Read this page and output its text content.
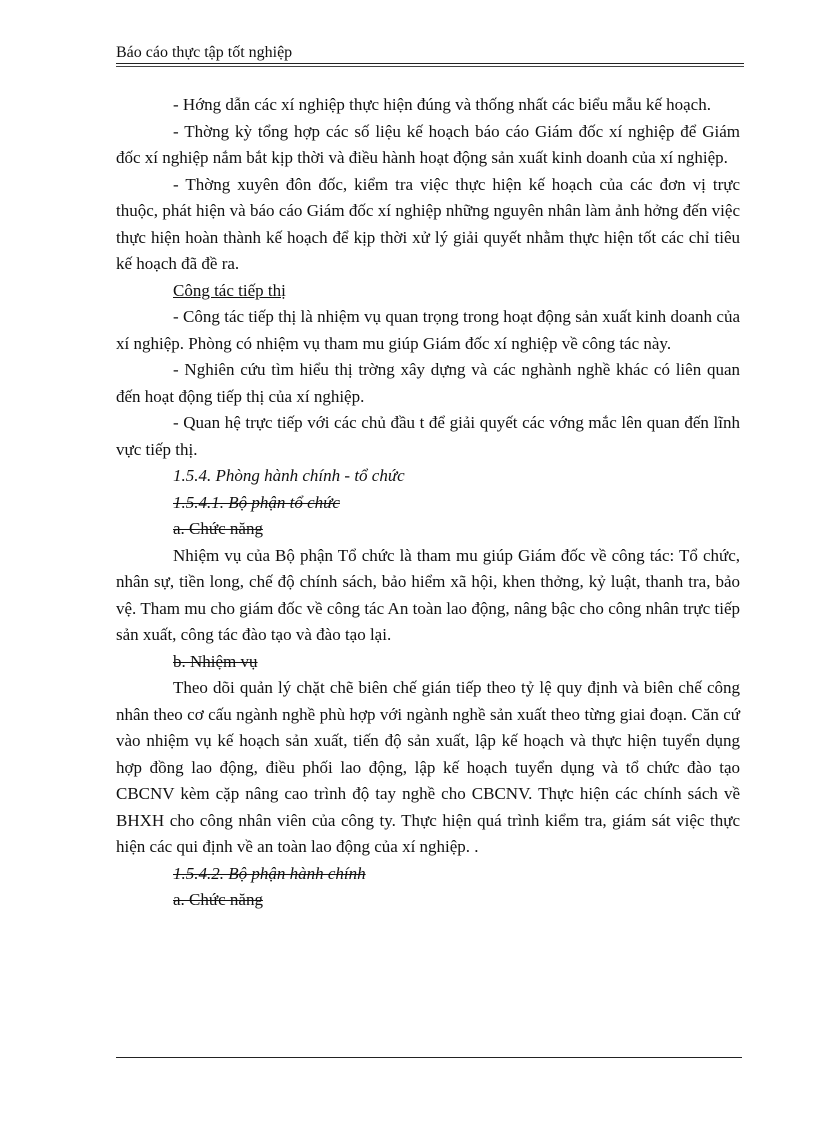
Báo cáo thực tập tốt nghiệp

- Hớng dẫn các xí nghiệp thực hiện đúng và thống nhất các biểu mẫu kế hoạch.

- Thờng kỳ tổng hợp các số liệu kế hoạch báo cáo Giám đốc xí nghiệp để Giám đốc xí nghiệp nắm bắt kịp thời và điều hành hoạt động sản xuất kinh doanh của xí nghiệp.

- Thờng xuyên đôn đốc, kiểm tra việc thực hiện kế hoạch của các đơn vị trực thuộc, phát hiện và báo cáo Giám đốc xí nghiệp những nguyên nhân làm ảnh hởng đến việc thực hiện hoàn thành kế hoạch để kịp thời xử lý giải quyết nhằm thực hiện tốt các chỉ tiêu kế hoạch đã đề ra.

Công tác tiếp thị

- Công tác tiếp thị là nhiệm vụ quan trọng trong hoạt động sản xuất kinh doanh của xí nghiệp. Phòng có nhiệm vụ tham mu giúp Giám đốc xí nghiệp về công tác này.

- Nghiên cứu tìm hiểu thị trờng xây dựng và các nghành nghề khác có liên quan đến hoạt động tiếp thị của xí nghiệp.

- Quan hệ trực tiếp với các chủ đầu t để giải quyết các vớng mắc lên quan đến lĩnh vực tiếp thị.

1.5.4. Phòng hành chính - tổ chức

1.5.4.1. Bộ phận tổ chức

a. Chức năng

Nhiệm vụ của Bộ phận Tổ chức là tham mu giúp Giám đốc về công tác: Tổ chức, nhân sự, tiền long, chế độ chính sách, bảo hiểm xã hội, khen thởng, kỷ luật, thanh tra, bảo vệ. Tham mu cho giám đốc về công tác An toàn lao động, nâng bậc cho công nhân trực tiếp sản xuất, công tác đào tạo và đào tạo lại.

b. Nhiệm vụ

Theo dõi quản lý chặt chẽ biên chế gián tiếp theo tỷ lệ quy định và biên chế công nhân theo cơ cấu ngành nghề phù hợp với ngành nghề sản xuất theo từng giai đoạn. Căn cứ vào nhiệm vụ kế hoạch sản xuất, tiến độ sản xuất, lập kế hoạch và thực hiện tuyển dụng hợp đồng lao động, điều phối lao động, lập kế hoạch tuyển dụng và tổ chức đào tạo CBCNV kèm cặp nâng cao trình độ tay nghề cho CBCNV. Thực hiện các chính sách về BHXH cho công nhân viên của công ty. Thực hiện quá trình kiểm tra, giám sát việc thực hiện các qui định về an toàn lao động của xí nghiệp. .

1.5.4.2. Bộ phận hành chính

a. Chức năng
